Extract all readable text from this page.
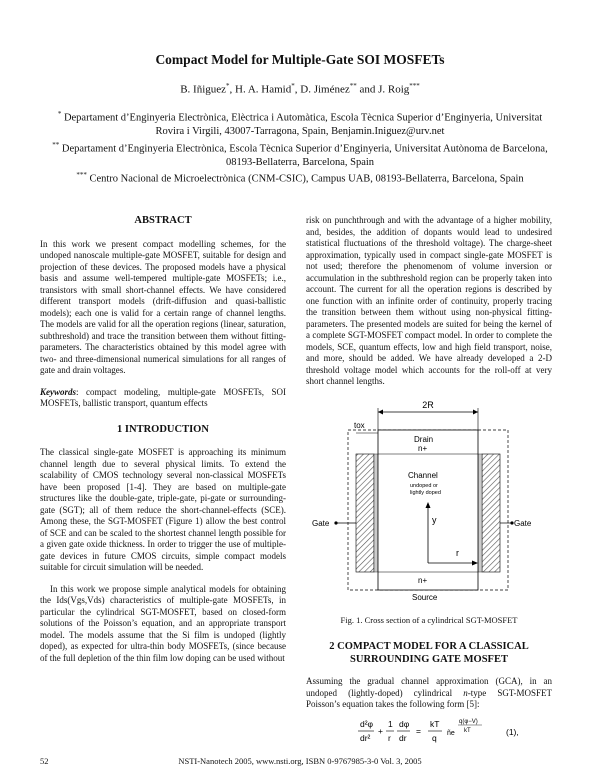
Compact Model for Multiple-Gate SOI MOSFETs
B. Iñiguez*, H. A. Hamid*, D. Jiménez** and J. Roig***

* Departament d’Enginyeria Electrònica, Elèctrica i Automàtica, Escola Tècnica Superior d’Enginyeria, Universitat Rovira i Virgili, 43007-Tarragona, Spain, Benjamin.Iniguez@urv.net

** Departament d’Enginyeria Electrònica, Escola Tècnica Superior d’Enginyeria, Universitat Autònoma de Barcelona, 08193-Bellaterra, Barcelona, Spain

*** Centro Nacional de Microelectrònica (CNM-CSIC), Campus UAB, 08193-Bellaterra, Barcelona, Spain

ABSTRACT

In this work we present compact modelling schemes, for the undoped nanoscale multiple-gate MOSFET, suitable for design and projection of these devices. The proposed models have a physical basis and assume well-tempered multiple-gate MOSFETs; i.e., transistors with small short-channel effects. We have considered different transport models (drift-diffusion and quasi-ballistic models); each one is valid for a certain range of channel lengths. The models are valid for all the operation regions (linear, saturation, subthreshold) and trace the transition between them without fitting-parameters. The characteristics obtained by this model agree with two- and three-dimensional numerical simulations for all ranges of gate and drain voltages.

Keywords: compact modeling, multiple-gate MOSFETs, SOI MOSFETs, ballistic transport, quantum effects

1 INTRODUCTION

The classical single-gate MOSFET is approaching its minimum channel length due to several physical limits. To extend the scalability of CMOS technology several non-classical MOSFETs have been proposed [1-4]. They are based on multiple-gate structures like the double-gate, triple-gate, pi-gate or surrounding-gate (SGT); all of them reduce the short-channel-effects (SCE). Among these, the SGT-MOSFET (Figure 1) allow the best control of SCE and can be scaled to the shortest channel length possible for a given gate oxide thickness. In order to trigger the use of multiple-gate devices in future CMOS circuits, simple compact models suitable for circuit simulation will be needed.

In this work we propose simple analytical models for obtaining the Ids(Vgs,Vds) characteristics of multiple-gate MOSFETs, in particular the cylindrical SGT-MOSFET, based on closed-form solutions of the Poisson’s equation, and an appropriate transport model. The models assume that the Si film is undoped (lightly doped), as expected for ultra-thin body MOSFETs, (since because of the full depletion of the thin film low doping can be used without

risk on punchthrough and with the advantage of a higher mobility, and, besides, the addition of dopants would lead to undesired statistical fluctuations of the threshold voltage). The charge-sheet approximation, typically used in compact single-gate MOSFET is not used; therefore the phenomenom of volume inversion or accumulation in the subthreshold region can be properly taken into account. The current for all the operation regions is described by one function with an infinite order of continuity, properly tracing the transition between them without using non-physical fitting-parameters. The presented models are suited for being the kernel of a complete SGT-MOSFET compact model. In order to complete the models, SCE, quantum effects, low and high field transport, noise, and more, should be added. We have already developed a 2-D threshold voltage model which accounts for the roll-off at very short channel lengths.

2R
tox
Drain
n+
Channel
undoped or
lightly doped
Gate	Gate
y
r
n+
Source
Fig. 1. Cross section of a cylindrical SGT-MOSFET
2 COMPACT MODEL FOR A CLASSICAL
SURROUNDING GATE MOSFET

Assuming the gradual channel approximation (GCA), in an undoped (lightly-doped) cylindrical n-type SGT-MOSFET Poisson’s equation takes the following form [5]:

d²φ
dr²
+
1
r
dφ
dr
=
kT
q ñe
q(φ−V)
kT	(1),
52	NSTI-Nanotech 2005, www.nsti.org, ISBN 0-9767985-3-0 Vol. 3, 2005
